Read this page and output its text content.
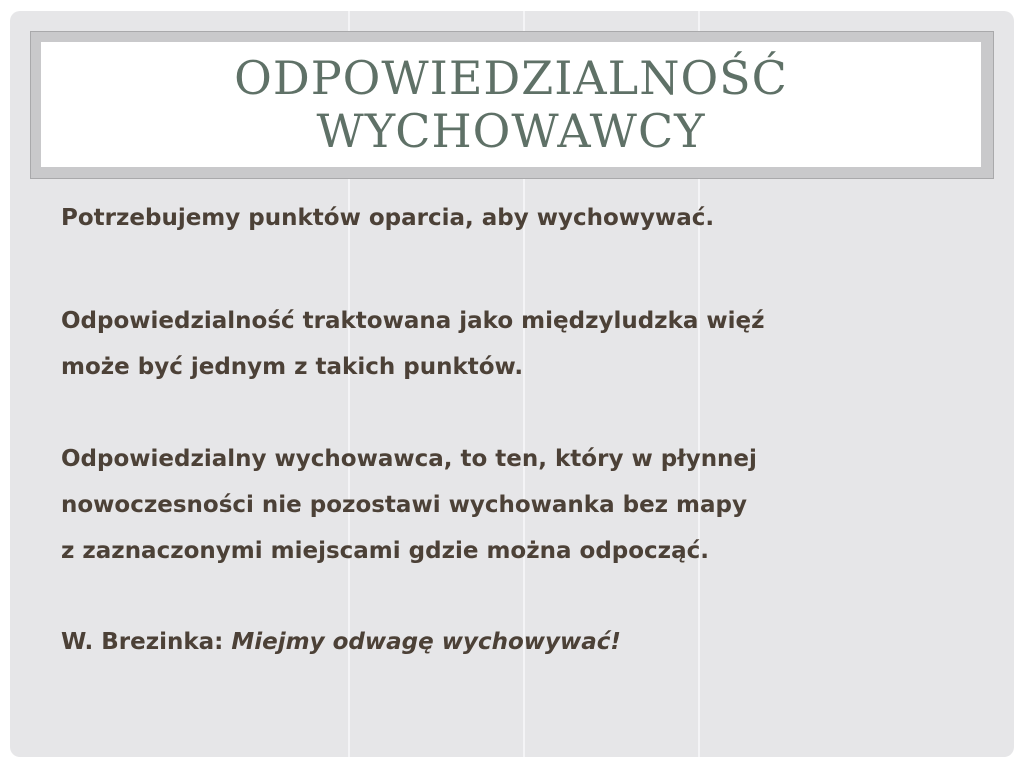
ODPOWIEDZIALNOŚĆ
WYCHOWAWCY
Potrzebujemy punktów oparcia, aby wychowywać.
Odpowiedzialność traktowana jako międzyludzka więź
może być jednym z takich punktów.
Odpowiedzialny wychowawca, to ten, który w płynnej
nowoczesności nie pozostawi wychowanka bez mapy
z zaznaczonymi miejscami gdzie można odpocząć.
W. Brezinka: Miejmy odwagę wychowywać!
